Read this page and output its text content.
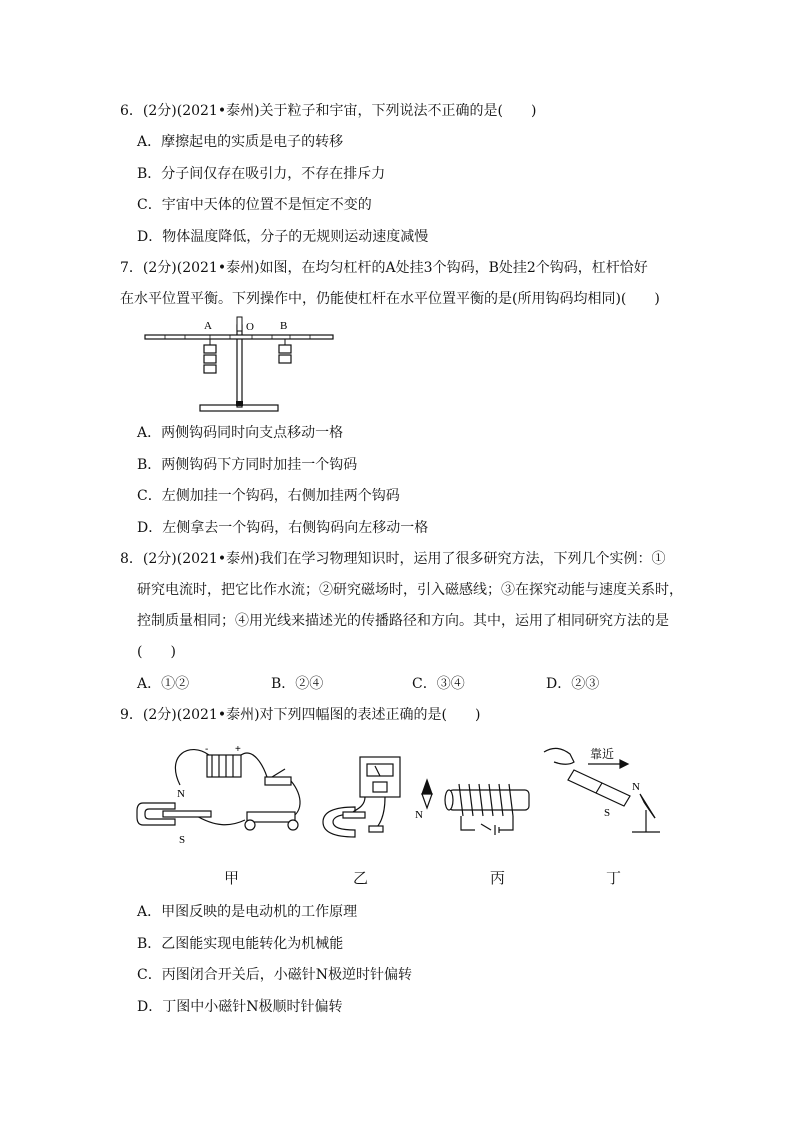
6．(2分)(2021•泰州)关于粒子和宇宙，下列说法不正确的是(　　)
A．摩擦起电的实质是电子的转移
B．分子间仅存在吸引力，不存在排斥力
C．宇宙中天体的位置不是恒定不变的
D．物体温度降低，分子的无规则运动速度减慢
7．(2分)(2021•泰州)如图，在均匀杠杆的A处挂3个钩码，B处挂2个钩码，杠杆恰好
在水平位置平衡。下列操作中，仍能使杠杆在水平位置平衡的是(所用钩码均相同)(　　)
A	O B
A．两侧钩码同时向支点移动一格
B．两侧钩码下方同时加挂一个钩码
C．左侧加挂一个钩码，右侧加挂两个钩码
D．左侧拿去一个钩码，右侧钩码向左移动一格
8．(2分)(2021•泰州)我们在学习物理知识时，运用了很多研究方法，下列几个实例：①
研究电流时，把它比作水流；②研究磁场时，引入磁感线；③在探究动能与速度关系时，
控制质量相同；④用光线来描述光的传播路径和方向。其中，运用了相同研究方法的是
(　　)
A．①②	B．②④	C．③④	D．②③
9．(2分)(2021•泰州)对下列四幅图的表述正确的是(　　)
-	+
N
S
N
靠近
N
S
甲	乙	丙	丁
A．甲图反映的是电动机的工作原理
B．乙图能实现电能转化为机械能
C．丙图闭合开关后，小磁针N极逆时针偏转
D．丁图中小磁针N极顺时针偏转
